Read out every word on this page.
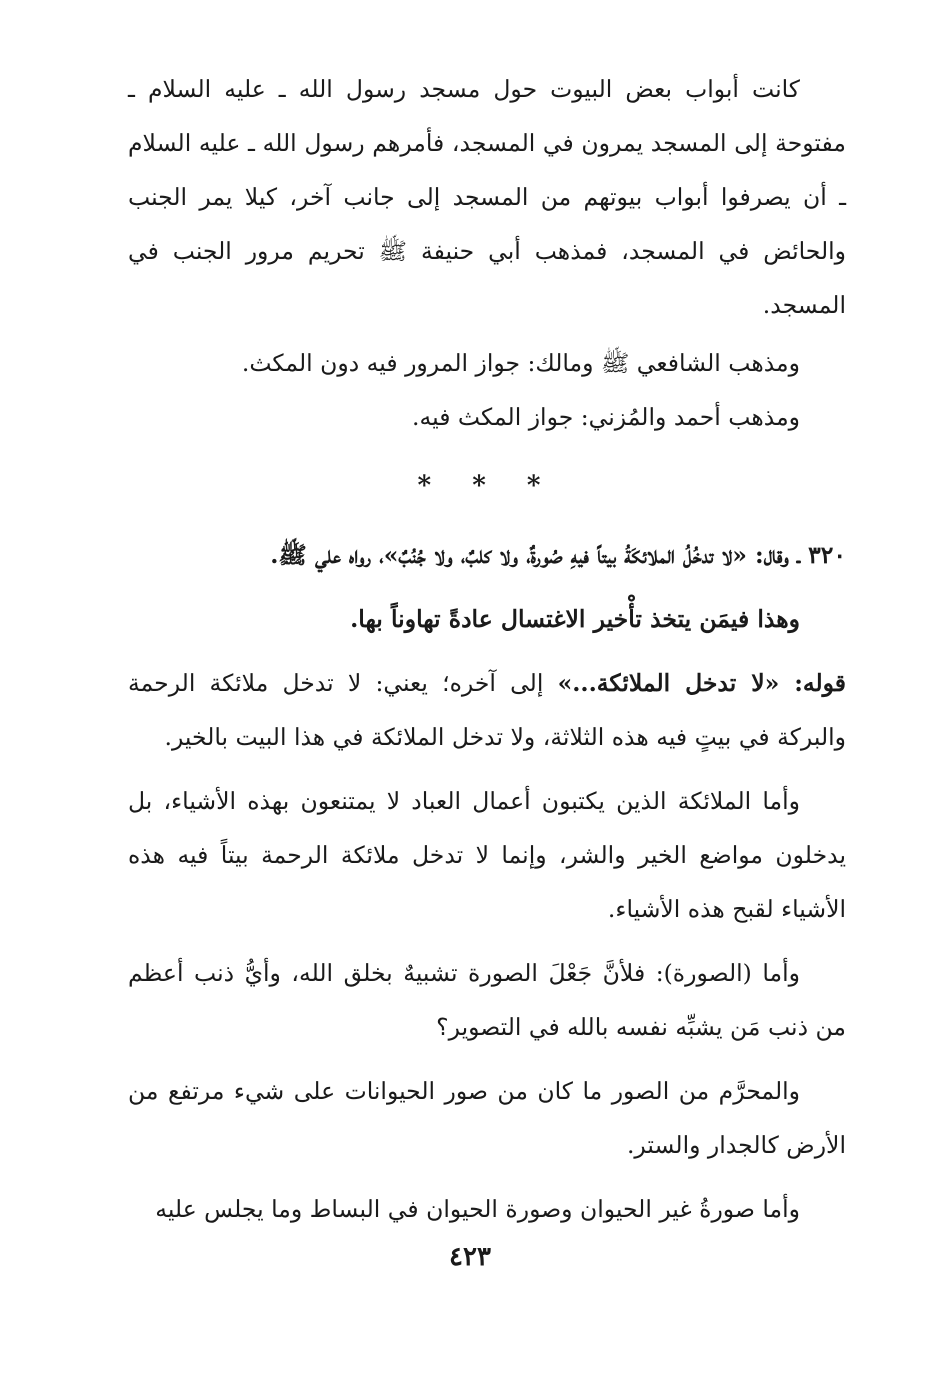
كانت أبواب بعض البيوت حول مسجد رسول الله ـ عليه السلام ـ مفتوحة إلى المسجد يمرون في المسجد، فأمرهم رسول الله ـ عليه السلام ـ أن يصرفوا أبواب بيوتهم من المسجد إلى جانب آخر، كيلا يمر الجنب والحائض في المسجد، فمذهب أبي حنيفة ﷺ تحريم مرور الجنب في المسجد.

ومذهب الشافعي ﷺ ومالك: جواز المرور فيه دون المكث.

ومذهب أحمد والمُزني: جواز المكث فيه.

* * *

٣٢٠ ـ وقال: «لا تدخُلُ الملائكَةُ بيتاً فيهِ صُورةٌ، ولا كلبٌ، ولا جُنُبٌ»، رواه علي ﷺ.

وهذا فيمَن يتخذ تأْخير الاغتسال عادةً تهاوناً بها.

قوله: «لا تدخل الملائكة...» إلى آخره؛ يعني: لا تدخل ملائكة الرحمة والبركة في بيتٍ فيه هذه الثلاثة، ولا تدخل الملائكة في هذا البيت بالخير.

وأما الملائكة الذين يكتبون أعمال العباد لا يمتنعون بهذه الأشياء، بل يدخلون مواضع الخير والشر، وإنما لا تدخل ملائكة الرحمة بيتاً فيه هذه الأشياء لقبح هذه الأشياء.

وأما (الصورة): فلأنَّ جَعْلَ الصورة تشبيهٌ بخلق الله، وأيُّ ذنب أعظم من ذنب مَن يشبِّه نفسه بالله في التصوير؟

والمحرَّم من الصور ما كان من صور الحيوانات على شيء مرتفع من الأرض كالجدار والستر.

وأما صورةُ غير الحيوان وصورة الحيوان في البساط وما يجلس عليه

٤٢٣
